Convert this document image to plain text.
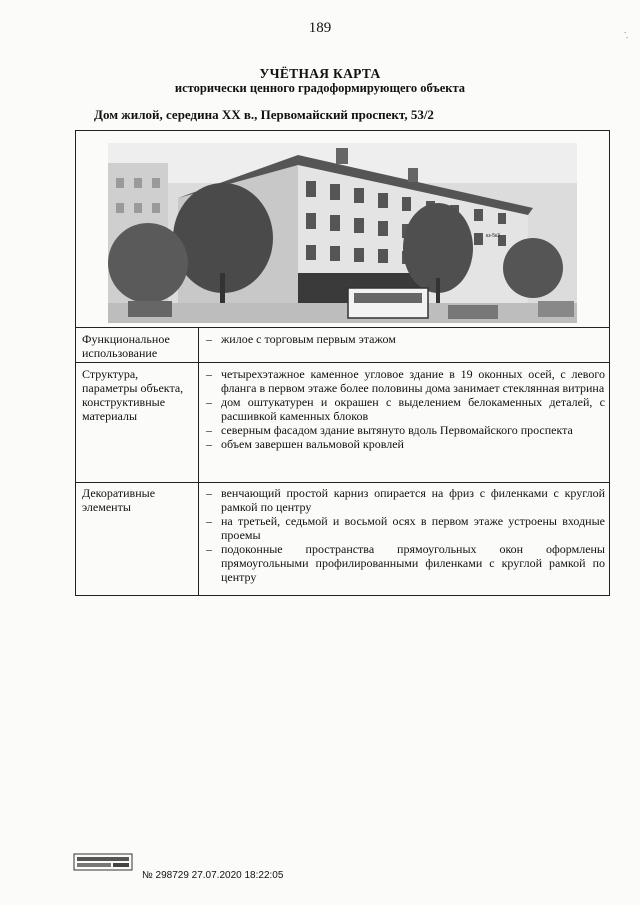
189	· ·
УЧЁТНАЯ КАРТА
исторически ценного градоформирующего объекта
Дом жилой, середина XX в., Первомайский проспект, 53/2
кз-5к3
Функциональное использование
– жилое с торговым первым этажом
Структура, параметры объекта, конструктивные материалы
– четырехэтажное каменное угловое здание в 19 оконных осей, с левого фланга в первом этаже более половины дома занимает стеклянная витрина
– дом оштукатурен и окрашен с выделением белокаменных деталей, с расшивкой каменных блоков
– северным фасадом здание вытянуто вдоль Первомайского проспекта
– объем завершен вальмовой кровлей
Декоративные элементы
– венчающий простой карниз опирается на фриз с филенками с круглой рамкой по центру
– на третьей, седьмой и восьмой осях в первом этаже устроены входные проемы
– подоконные пространства прямоугольных окон оформлены прямоугольными профилированными филенками с круглой рамкой по центру
№ 298729 27.07.2020 18:22:05
